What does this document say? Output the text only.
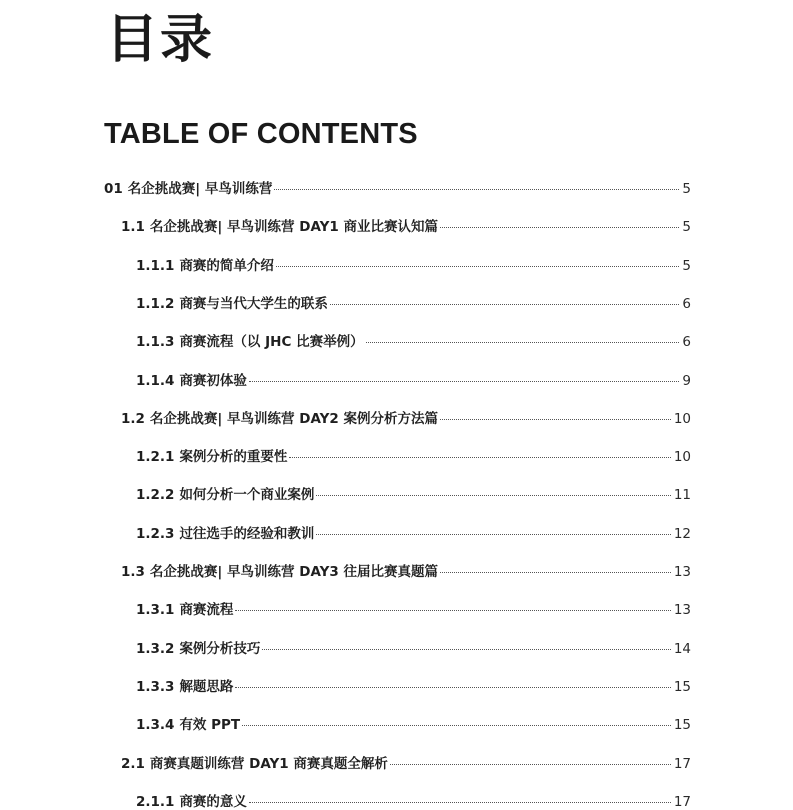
目录
TABLE OF CONTENTS
01 名企挑战赛| 早鸟训练营	5
1.1 名企挑战赛| 早鸟训练营 DAY1 商业比赛认知篇	5
1.1.1 商赛的简单介绍	5
1.1.2 商赛与当代大学生的联系	6
1.1.3 商赛流程（以 JHC 比赛举例）	6
1.1.4 商赛初体验	9
1.2 名企挑战赛| 早鸟训练营 DAY2 案例分析方法篇	10
1.2.1 案例分析的重要性	10
1.2.2 如何分析一个商业案例	11
1.2.3 过往选手的经验和教训	12
1.3 名企挑战赛| 早鸟训练营 DAY3 往届比赛真题篇	13
1.3.1 商赛流程	13
1.3.2 案例分析技巧	14
1.3.3 解题思路	15
1.3.4 有效 PPT	15
2.1 商赛真题训练营 DAY1 商赛真题全解析	17
2.1.1 商赛的意义	17
